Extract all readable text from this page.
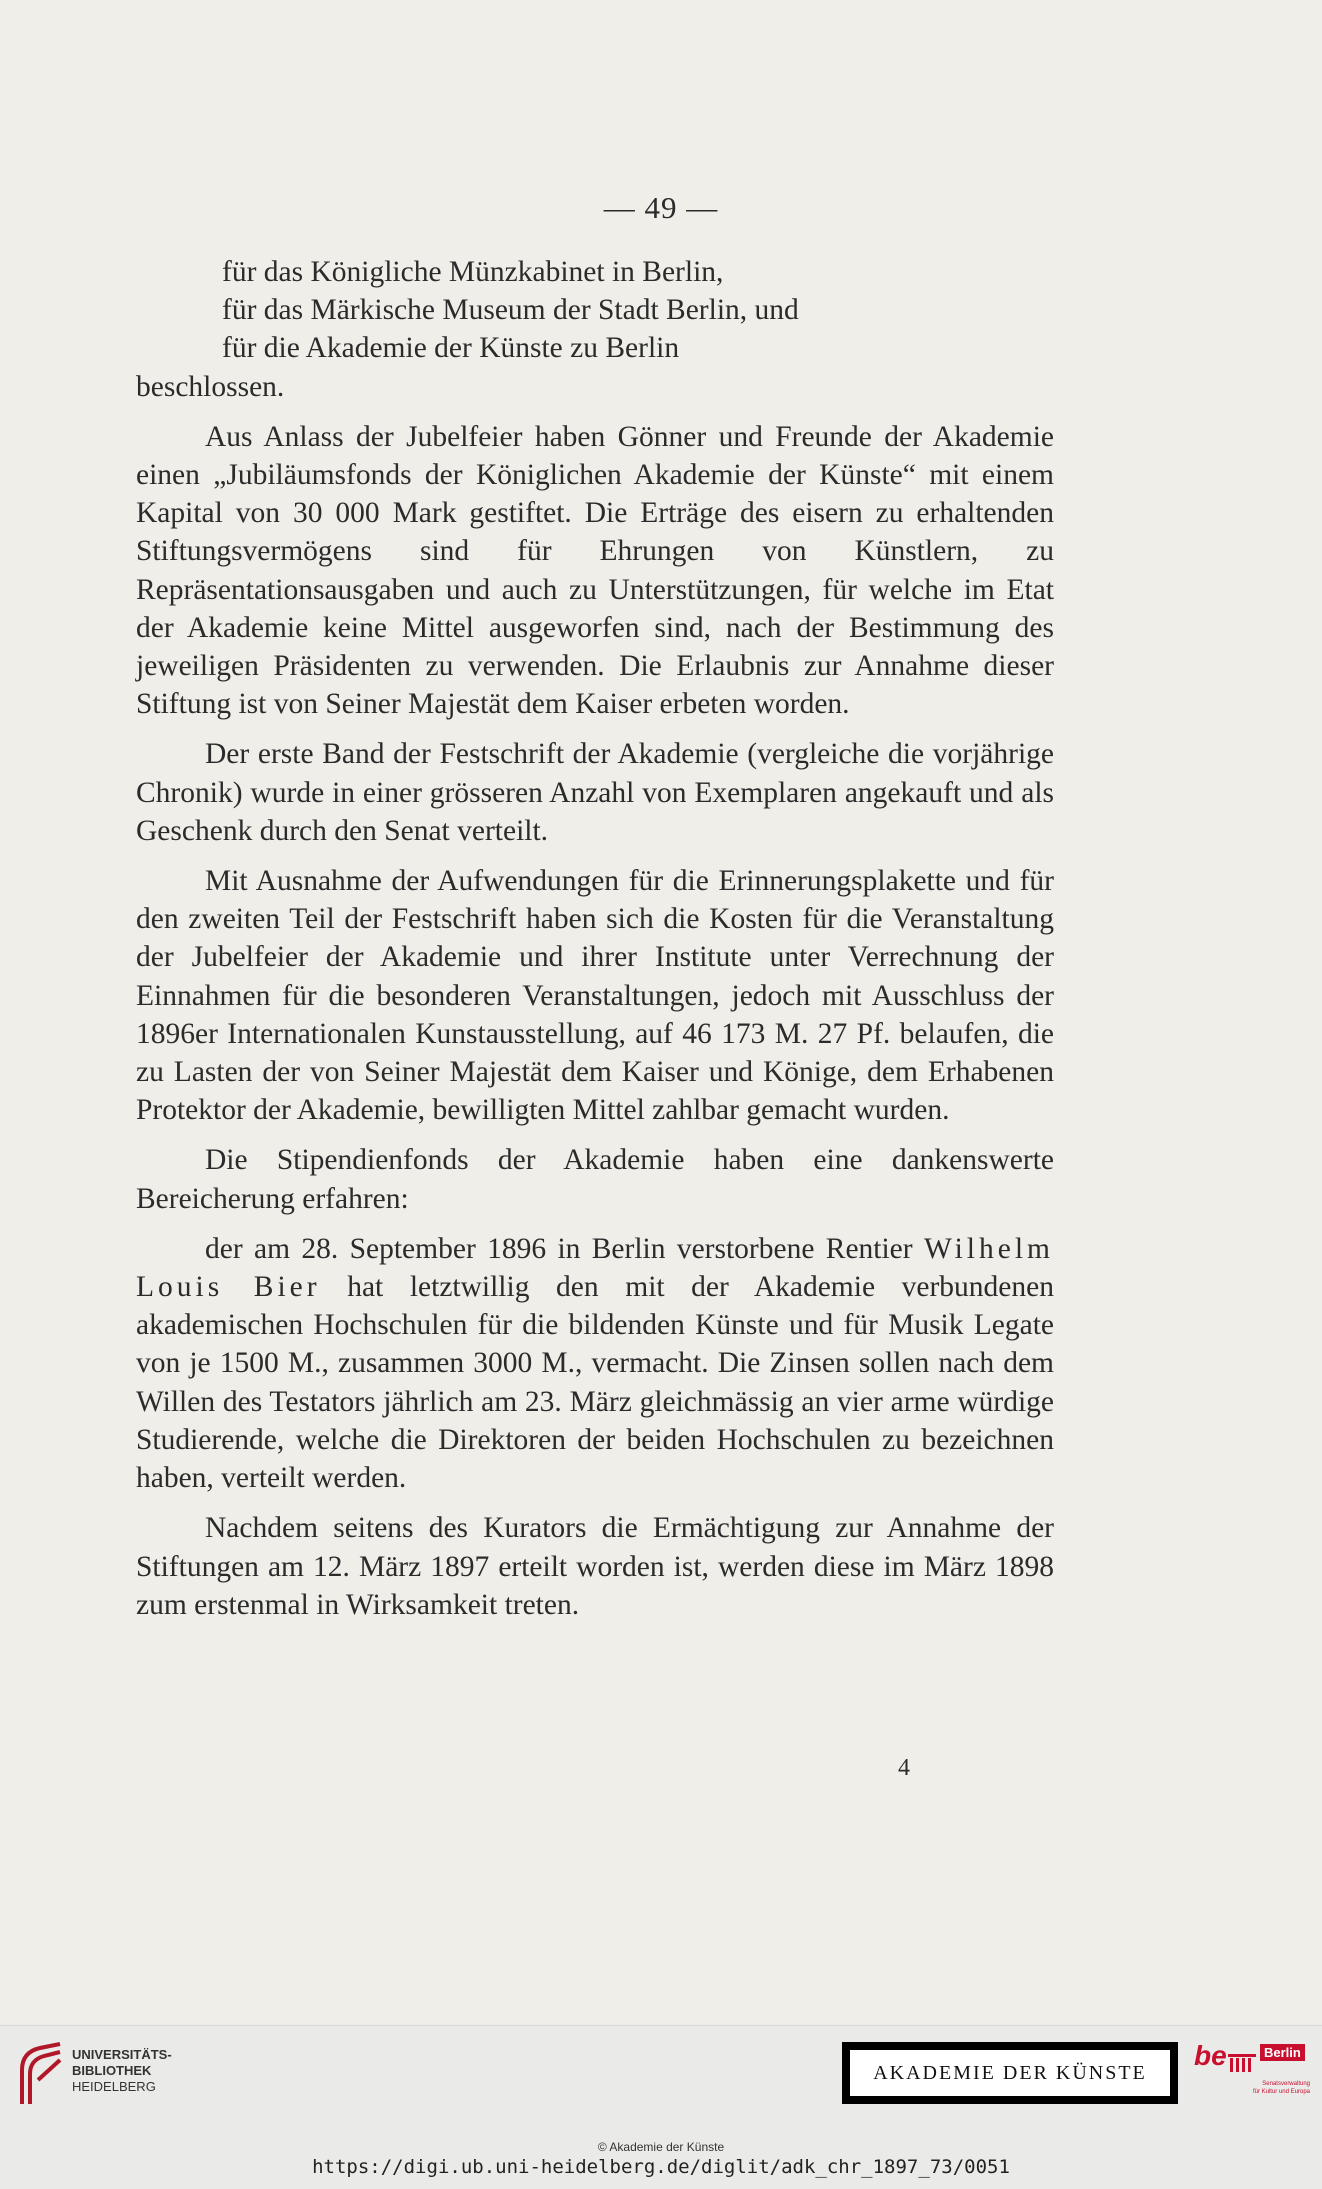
— 49 —

für das Königliche Münzkabinet in Berlin,
für das Märkische Museum der Stadt Berlin, und
für die Akademie der Künste zu Berlin
beschlossen.

Aus Anlass der Jubelfeier haben Gönner und Freunde der Akademie einen „Jubiläumsfonds der Königlichen Akademie der Künste“ mit einem Kapital von 30 000 Mark gestiftet. Die Erträge des eisern zu erhaltenden Stiftungsvermögens sind für Ehrungen von Künstlern, zu Repräsentationsausgaben und auch zu Unterstützungen, für welche im Etat der Akademie keine Mittel ausgeworfen sind, nach der Bestimmung des jeweiligen Präsidenten zu verwenden. Die Erlaubnis zur Annahme dieser Stiftung ist von Seiner Majestät dem Kaiser erbeten worden.

Der erste Band der Festschrift der Akademie (vergleiche die vorjährige Chronik) wurde in einer grösseren Anzahl von Exemplaren angekauft und als Geschenk durch den Senat verteilt.

Mit Ausnahme der Aufwendungen für die Erinnerungsplakette und für den zweiten Teil der Festschrift haben sich die Kosten für die Veranstaltung der Jubelfeier der Akademie und ihrer Institute unter Verrechnung der Einnahmen für die besonderen Veranstaltungen, jedoch mit Ausschluss der 1896er Internationalen Kunstausstellung, auf 46 173 M. 27 Pf. belaufen, die zu Lasten der von Seiner Majestät dem Kaiser und Könige, dem Erhabenen Protektor der Akademie, bewilligten Mittel zahlbar gemacht wurden.

Die Stipendienfonds der Akademie haben eine dankenswerte Bereicherung erfahren:

der am 28. September 1896 in Berlin verstorbene Rentier Wilhelm Louis Bier hat letztwillig den mit der Akademie verbundenen akademischen Hochschulen für die bildenden Künste und für Musik Legate von je 1500 M., zusammen 3000 M., vermacht. Die Zinsen sollen nach dem Willen des Testators jährlich am 23. März gleichmässig an vier arme würdige Studierende, welche die Direktoren der beiden Hochschulen zu bezeichnen haben, verteilt werden.

Nachdem seitens des Kurators die Ermächtigung zur Annahme der Stiftungen am 12. März 1897 erteilt worden ist, werden diese im März 1898 zum erstenmal in Wirksamkeit treten.

4
UNIVERSITÄTS-
BIBLIOTHEK
HEIDELBERG
AKADEMIE DER KÜNSTE
be	Berlin
Senatsverwaltung
für Kultur und Europa
© Akademie der Künste
https://digi.ub.uni-heidelberg.de/diglit/adk_chr_1897_73/0051
